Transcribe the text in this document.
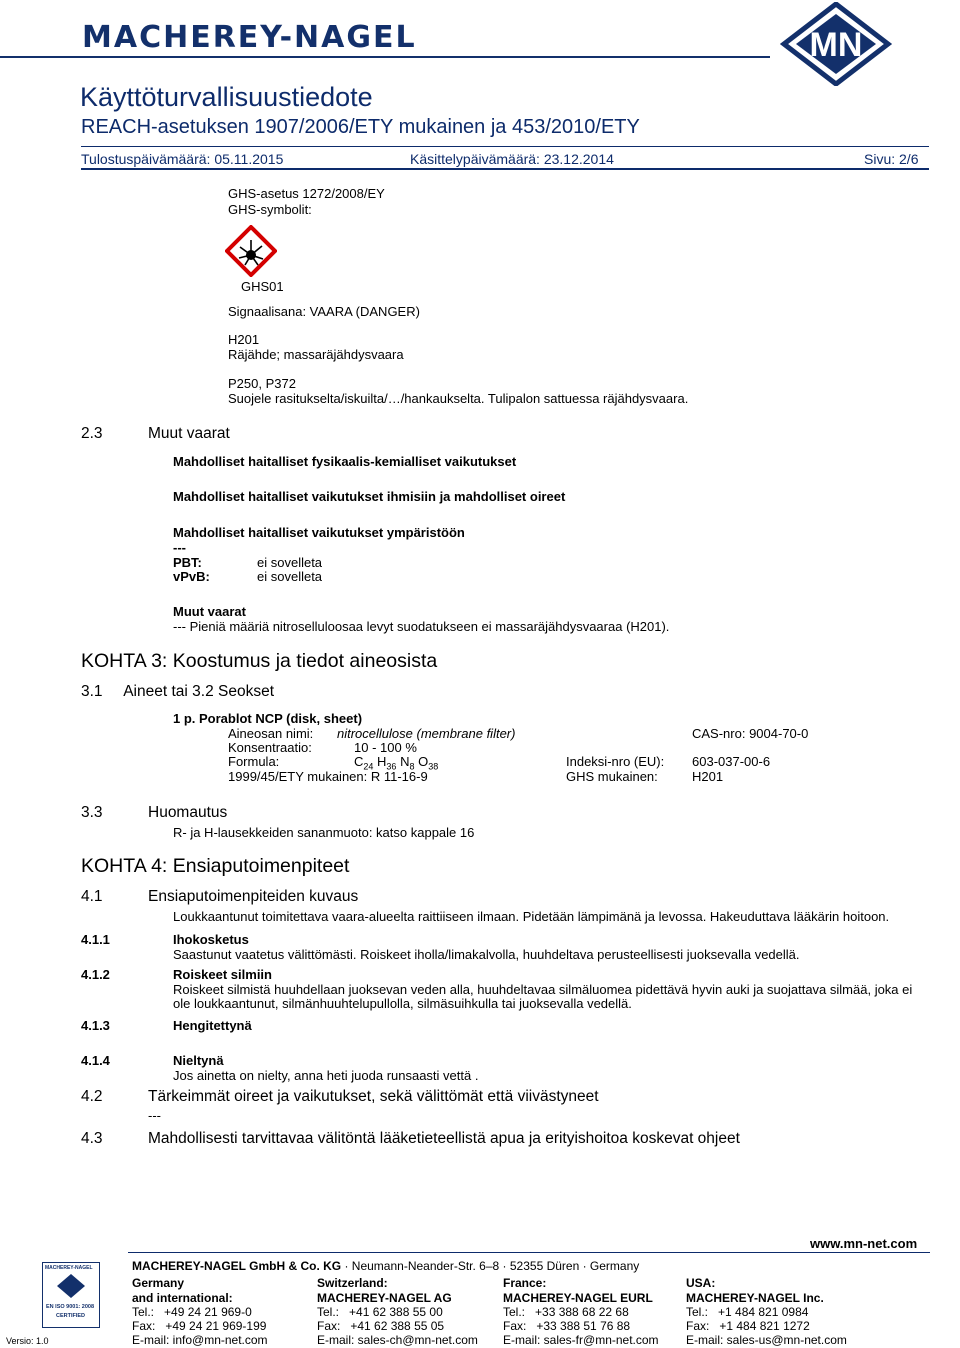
MACHEREY-NAGEL	MN
Käyttöturvallisuustiedote
REACH-asetuksen 1907/2006/ETY mukainen ja 453/2010/ETY
Tulostuspäivämäärä: 05.11.2015	Käsittelypäivämäärä: 23.12.2014	Sivu: 2/6
GHS-asetus 1272/2008/EY
GHS-symbolit:
GHS01
Signaalisana: VAARA (DANGER)
H201
Räjähde; massaräjähdysvaara
P250, P372
Suojele rasitukselta/iskuilta/…/hankaukselta. Tulipalon sattuessa räjähdysvaara.
2.3	Muut vaarat
Mahdolliset haitalliset fysikaalis-kemialliset vaikutukset
Mahdolliset haitalliset vaikutukset ihmisiin ja mahdolliset oireet
Mahdolliset haitalliset vaikutukset ympäristöön
---
PBT:	ei sovelleta
vPvB:	ei sovelleta
Muut vaarat
--- Pieniä määriä nitroselluloosaa levyt suodatukseen ei massaräjähdysvaaraa (H201).
KOHTA 3: Koostumus ja tiedot aineosista
3.1     Aineet tai 3.2 Seokset
1 p. Porablot NCP (disk, sheet)
Aineosan nimi: nitrocellulose (membrane filter)	CAS-nro: 9004-70-0
Konsentraatio:	10 - 100 %
Formula:	$C_{24}$ $H_{36}$ $N_8$ $O_{38}$	Indeksi-nro (EU): 603-037-00-6
1999/45/ETY mukainen: R 11-16-9	GHS mukainen:	H201
3.3	Huomautus
R- ja H-lausekkeiden sananmuoto: katso kappale 16
KOHTA 4: Ensiaputoimenpiteet
4.1	Ensiaputoimenpiteiden kuvaus
Loukkaantunut toimitettava vaara-alueelta raittiiseen ilmaan. Pidetään lämpimänä ja levossa. Hakeuduttava lääkärin hoitoon.
4.1.1	Ihokosketus
Saastunut vaatetus välittömästi. Roiskeet iholla/limakalvolla, huuhdeltava perusteellisesti juoksevalla vedellä.
4.1.2	Roiskeet silmiin
Roiskeet silmistä huuhdellaan juoksevan veden alla, huuhdeltavaa silmäluomea pidettävä hyvin auki ja suojattava silmää, joka ei
ole loukkaantunut, silmänhuuhtelupullolla, silmäsuihkulla tai juoksevalla vedellä.
4.1.3	Hengitettynä
4.1.4	Nieltynä
Jos ainetta on nielty, anna heti juoda runsaasti vettä .
4.2	Tärkeimmät oireet ja vaikutukset, sekä välittömät että viivästyneet
---
4.3	Mahdollisesti tarvittavaa välitöntä lääketieteellistä apua ja erityishoitoa koskevat ohjeet
www.mn-net.com
MACHEREY-NAGEL GmbH & Co. KG · Neumann-Neander-Str. 6–8 · 52355 Düren · Germany
MACHEREY-NAGEL
EN ISO 9001: 2008
CERTIFIED
Germany
and international:
Tel.:   +49 24 21 969-0
Fax:   +49 24 21 969-199
E-mail: info@mn-net.com
Switzerland:
MACHEREY-NAGEL AG
Tel.:   +41 62 388 55 00
Fax:   +41 62 388 55 05
E-mail: sales-ch@mn-net.com
France:
MACHEREY-NAGEL EURL
Tel.:   +33 388 68 22 68
Fax:   +33 388 51 76 88
E-mail: sales-fr@mn-net.com
USA:
MACHEREY-NAGEL Inc.
Tel.:   +1 484 821 0984
Fax:   +1 484 821 1272
E-mail: sales-us@mn-net.com
Versio: 1.0
